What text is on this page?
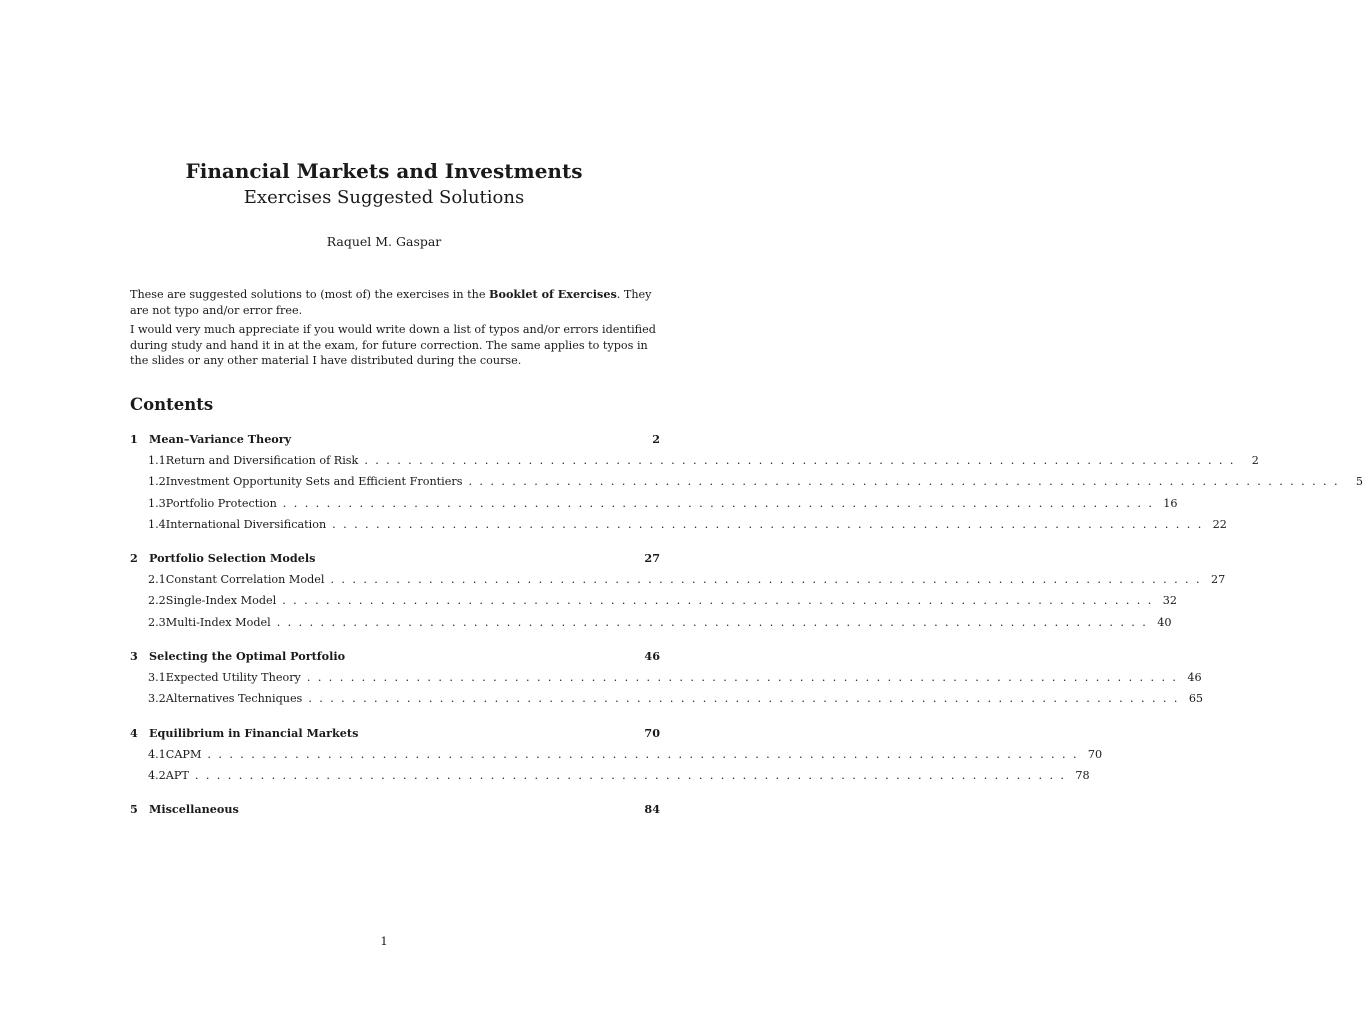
Financial Markets and Investments
Exercises Suggested Solutions
Raquel M. Gaspar

These are suggested solutions to (most of) the exercises in the Booklet of Exercises. They are not typo and/or error free.

I would very much appreciate if you would write down a list of typos and/or errors identified during study and hand it in at the exam, for future correction. The same applies to typos in the slides or any other material I have distributed during the course.

Contents
1	Mean–Variance Theory	2
1.1 Return and Diversification of Risk ................................................................................ 2
1.2 Investment Opportunity Sets and Efficient Frontiers ................................................................................ 5
1.3 Portfolio Protection ................................................................................ 16
1.4 International Diversification ................................................................................ 22
2	Portfolio Selection Models	27
2.1 Constant Correlation Model ................................................................................ 27
2.2 Single-Index Model ................................................................................ 32
2.3 Multi-Index Model ................................................................................ 40
3	Selecting the Optimal Portfolio	46
3.1 Expected Utility Theory ................................................................................ 46
3.2 Alternatives Techniques ................................................................................ 65
4	Equilibrium in Financial Markets	70
4.1 CAPM ................................................................................ 70
4.2 APT ................................................................................ 78
5	Miscellaneous	84
1
